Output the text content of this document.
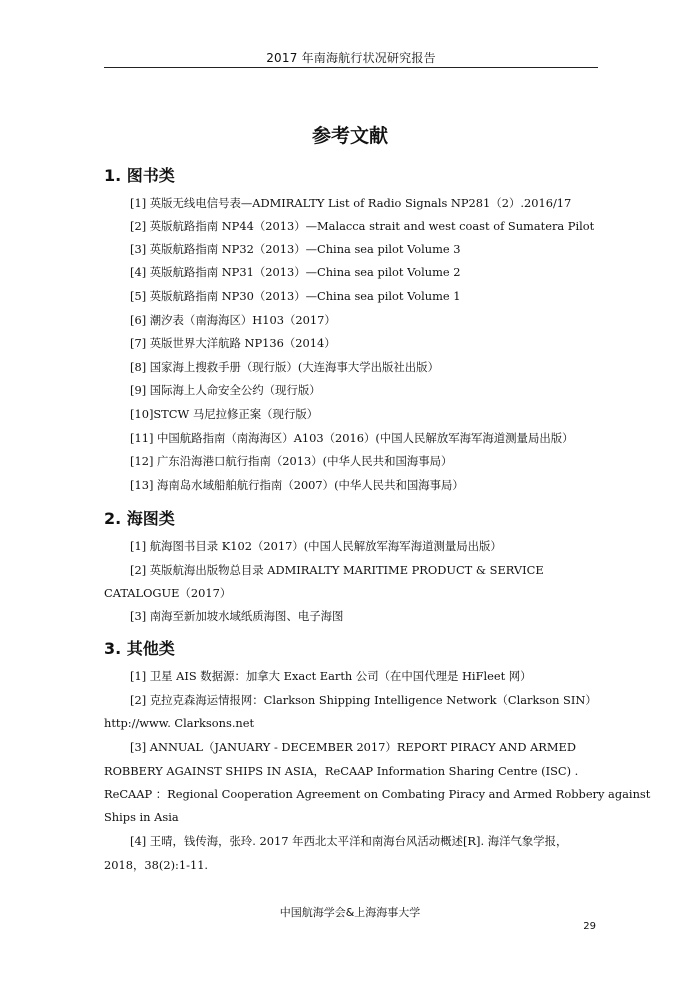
2017 年南海航行状况研究报告
参考文献
1. 图书类
[1] 英版无线电信号表—ADMIRALTY List of Radio Signals NP281（2）.2016/17
[2] 英版航路指南 NP44（2013）—Malacca strait and west coast of Sumatera Pilot
[3] 英版航路指南 NP32（2013）—China sea pilot Volume 3
[4] 英版航路指南 NP31（2013）—China sea pilot Volume 2
[5] 英版航路指南 NP30（2013）—China sea pilot Volume 1
[6] 潮汐表（南海海区）H103（2017）
[7] 英版世界大洋航路 NP136（2014）
[8] 国家海上搜救手册（现行版）(大连海事大学出版社出版）
[9] 国际海上人命安全公约（现行版）
[10]STCW 马尼拉修正案（现行版）
[11] 中国航路指南（南海海区）A103（2016）(中国人民解放军海军海道测量局出版）
[12] 广东沿海港口航行指南（2013）(中华人民共和国海事局）
[13] 海南岛水域船舶航行指南（2007）(中华人民共和国海事局）
2. 海图类
[1] 航海图书目录 K102（2017）(中国人民解放军海军海道测量局出版）
[2] 英版航海出版物总目录 ADMIRALTY MARITIME PRODUCT & SERVICE
CATALOGUE（2017）
[3] 南海至新加坡水域纸质海图、电子海图
3. 其他类
[1] 卫星 AIS 数据源：加拿大 Exact Earth 公司（在中国代理是 HiFleet 网）
[2] 克拉克森海运情报网：Clarkson Shipping Intelligence Network（Clarkson SIN）
http://www. Clarksons.net
[3] ANNUAL（JANUARY - DECEMBER 2017）REPORT PIRACY AND ARMED
ROBBERY AGAINST SHIPS IN ASIA，ReCAAP Information Sharing Centre (ISC) .
ReCAAP ：Regional Cooperation Agreement on Combating Piracy and Armed Robbery against
Ships in Asia
[4] 王晴，钱传海，张玲. 2017 年西北太平洋和南海台风活动概述[R]. 海洋气象学报，
2018，38(2):1-11.
中国航海学会&上海海事大学
29
